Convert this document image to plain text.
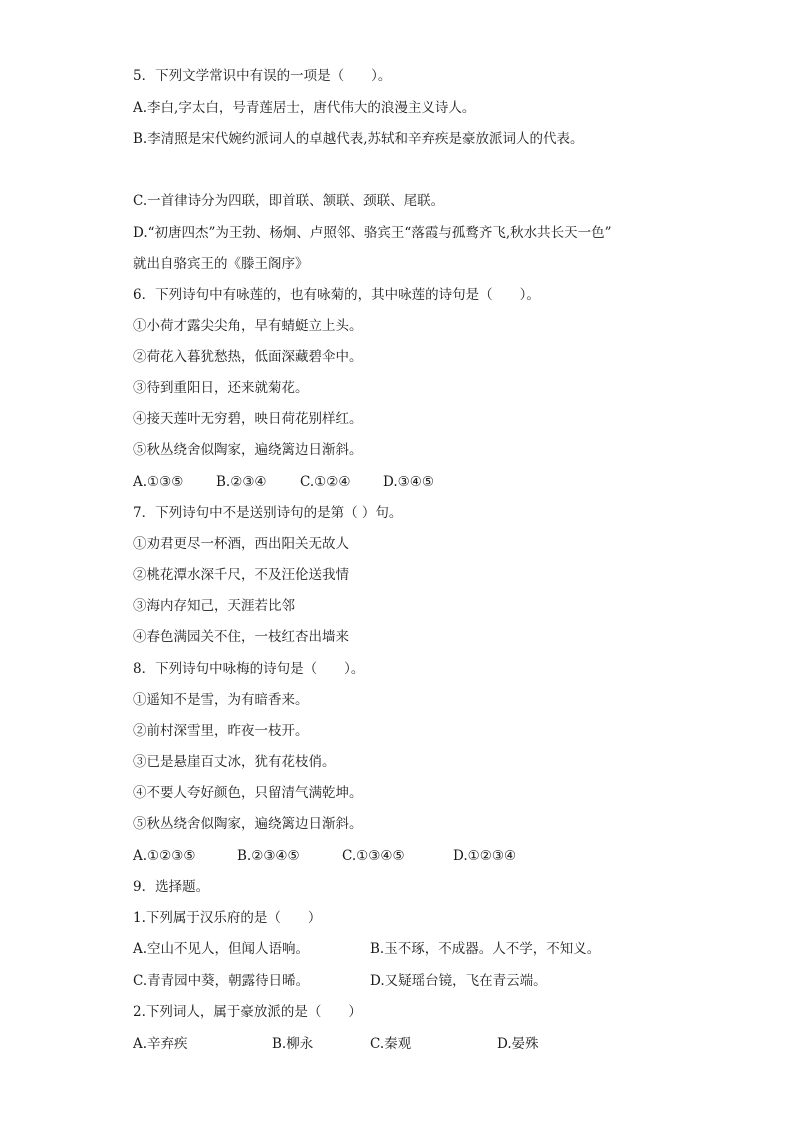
5．下列文学常识中有误的一项是（　　）。
A.李白,字太白，号青莲居士，唐代伟大的浪漫主义诗人。
B.李清照是宋代婉约派词人的卓越代表,苏轼和辛弃疾是豪放派词人的代表。
C.一首律诗分为四联，即首联、颔联、颈联、尾联。
D.“初唐四杰”为王勃、杨炯、卢照邻、骆宾王“落霞与孤鹜齐飞,秋水共长天一色”
就出自骆宾王的《滕王阁序》
6．下列诗句中有咏莲的，也有咏菊的，其中咏莲的诗句是（　　）。
①小荷才露尖尖角，早有蜻蜓立上头。
②荷花入暮犹愁热，低面深藏碧伞中。
③待到重阳日，还来就菊花。
④接天莲叶无穷碧，映日荷花别样红。
⑤秋丛绕舍似陶家，遍绕篱边日渐斜。
A.①③⑤ B.②③④ C.①②④ D.③④⑤
7．下列诗句中不是送别诗句的是第（ ）句。
①劝君更尽一杯酒，西出阳关无故人
②桃花潭水深千尺，不及汪伦送我情
③海内存知己，天涯若比邻
④春色满园关不住，一枝红杏出墙来
8．下列诗句中咏梅的诗句是（　　）。
①遥知不是雪，为有暗香来。
②前村深雪里，昨夜一枝开。
③已是悬崖百丈冰，犹有花枝俏。
④不要人夸好颜色，只留清气满乾坤。
⑤秋丛绕舍似陶家，遍绕篱边日渐斜。
A.①②③⑤	B.②③④⑤	C.①③④⑤	D.①②③④
9．选择题。
1.下列属于汉乐府的是（　　）
A.空山不见人，但闻人语响。	B.玉不琢，不成器。人不学，不知义。
C.青青园中葵，朝露待日晞。	D.又疑瑶台镜，飞在青云端。
2.下列词人，属于豪放派的是（　　）
A.辛弃疾	B.柳永	C.秦观	D.晏殊
